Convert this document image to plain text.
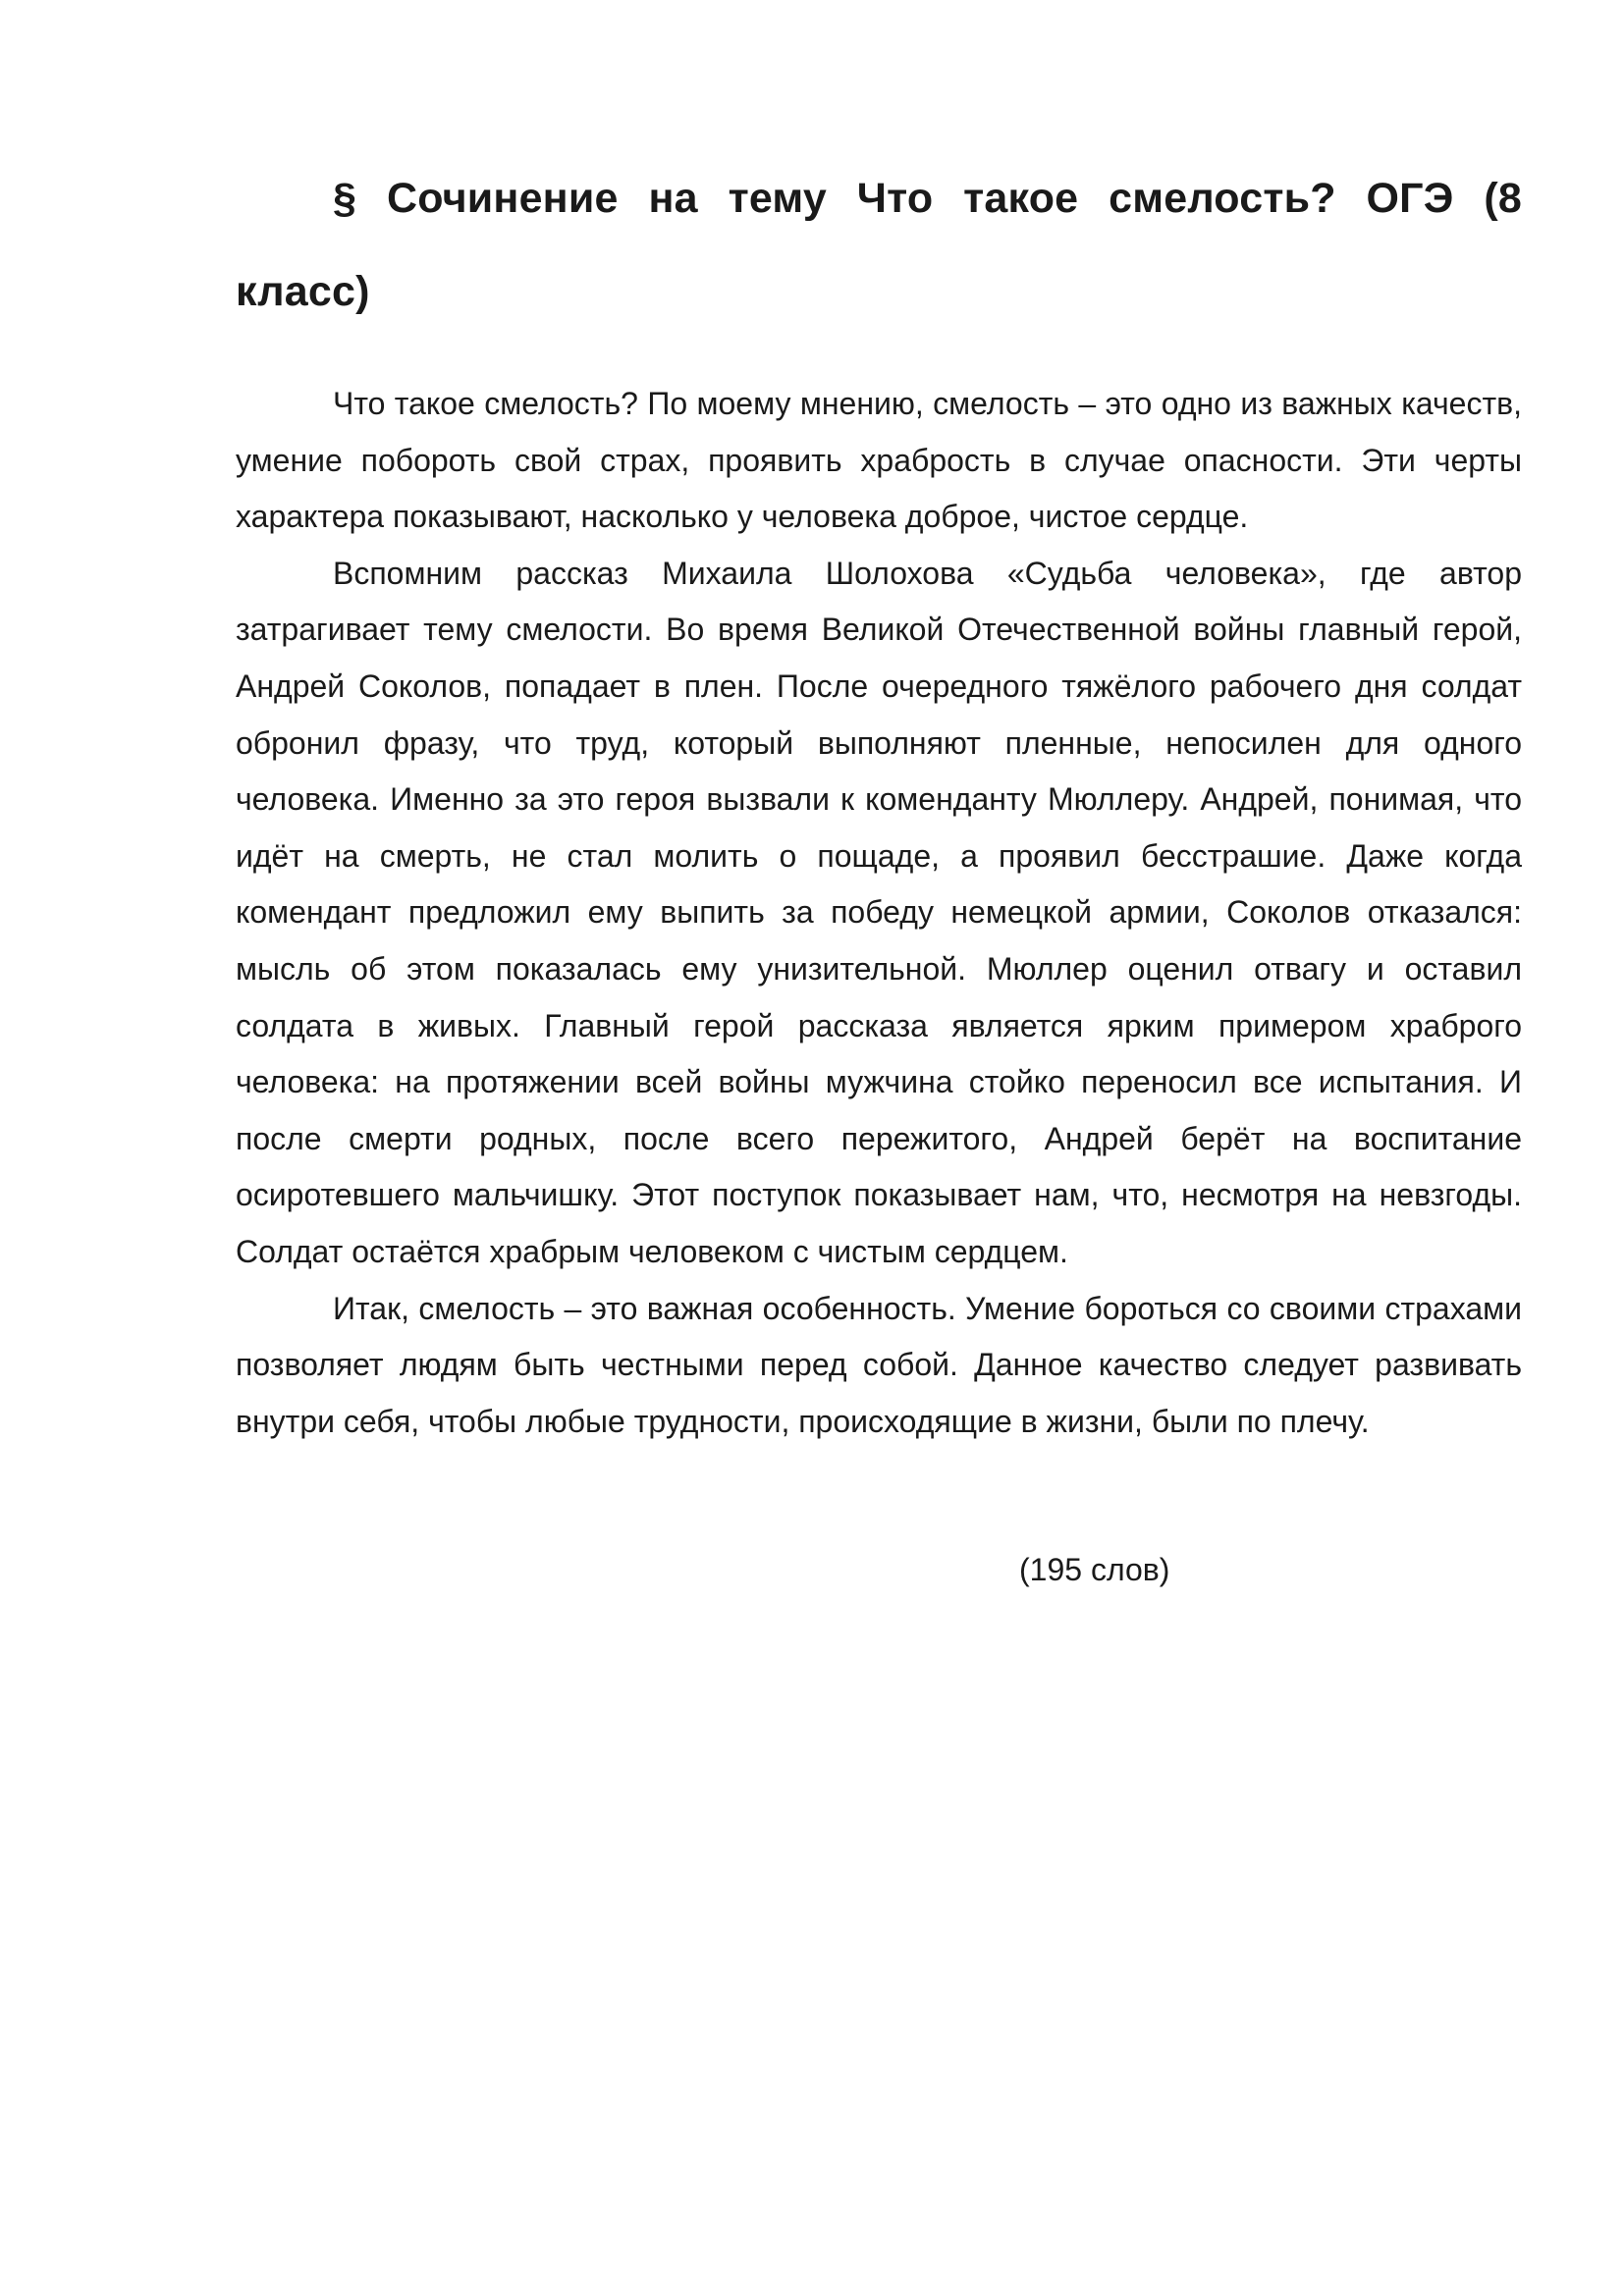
§ Сочинение на тему Что такое смелость? ОГЭ (8 класс)

Что такое смелость? По моему мнению, смелость – это одно из важных качеств, умение побороть свой страх, проявить храбрость в случае опасности. Эти черты характера показывают, насколько у человека доброе, чистое сердце.

Вспомним рассказ Михаила Шолохова «Судьба человека», где автор затрагивает тему смелости. Во время Великой Отечественной войны главный герой, Андрей Соколов, попадает в плен. После очередного тяжёлого рабочего дня солдат обронил фразу, что труд, который выполняют пленные, непосилен для одного человека. Именно за это героя вызвали к коменданту Мюллеру. Андрей, понимая, что идёт на смерть, не стал молить о пощаде, а проявил бесстрашие. Даже когда комендант предложил ему выпить за победу немецкой армии, Соколов отказался: мысль об этом показалась ему унизительной. Мюллер оценил отвагу и оставил солдата в живых. Главный герой рассказа является ярким примером храброго человека: на протяжении всей войны мужчина стойко переносил все испытания. И после смерти родных, после всего пережитого, Андрей берёт на воспитание осиротевшего мальчишку. Этот поступок показывает нам, что, несмотря на невзгоды. Солдат остаётся храбрым человеком с чистым сердцем.

Итак, смелость – это важная особенность. Умение бороться со своими страхами позволяет людям быть честными перед собой. Данное качество следует развивать внутри себя, чтобы любые трудности, происходящие в жизни, были по плечу.

(195 слов)
